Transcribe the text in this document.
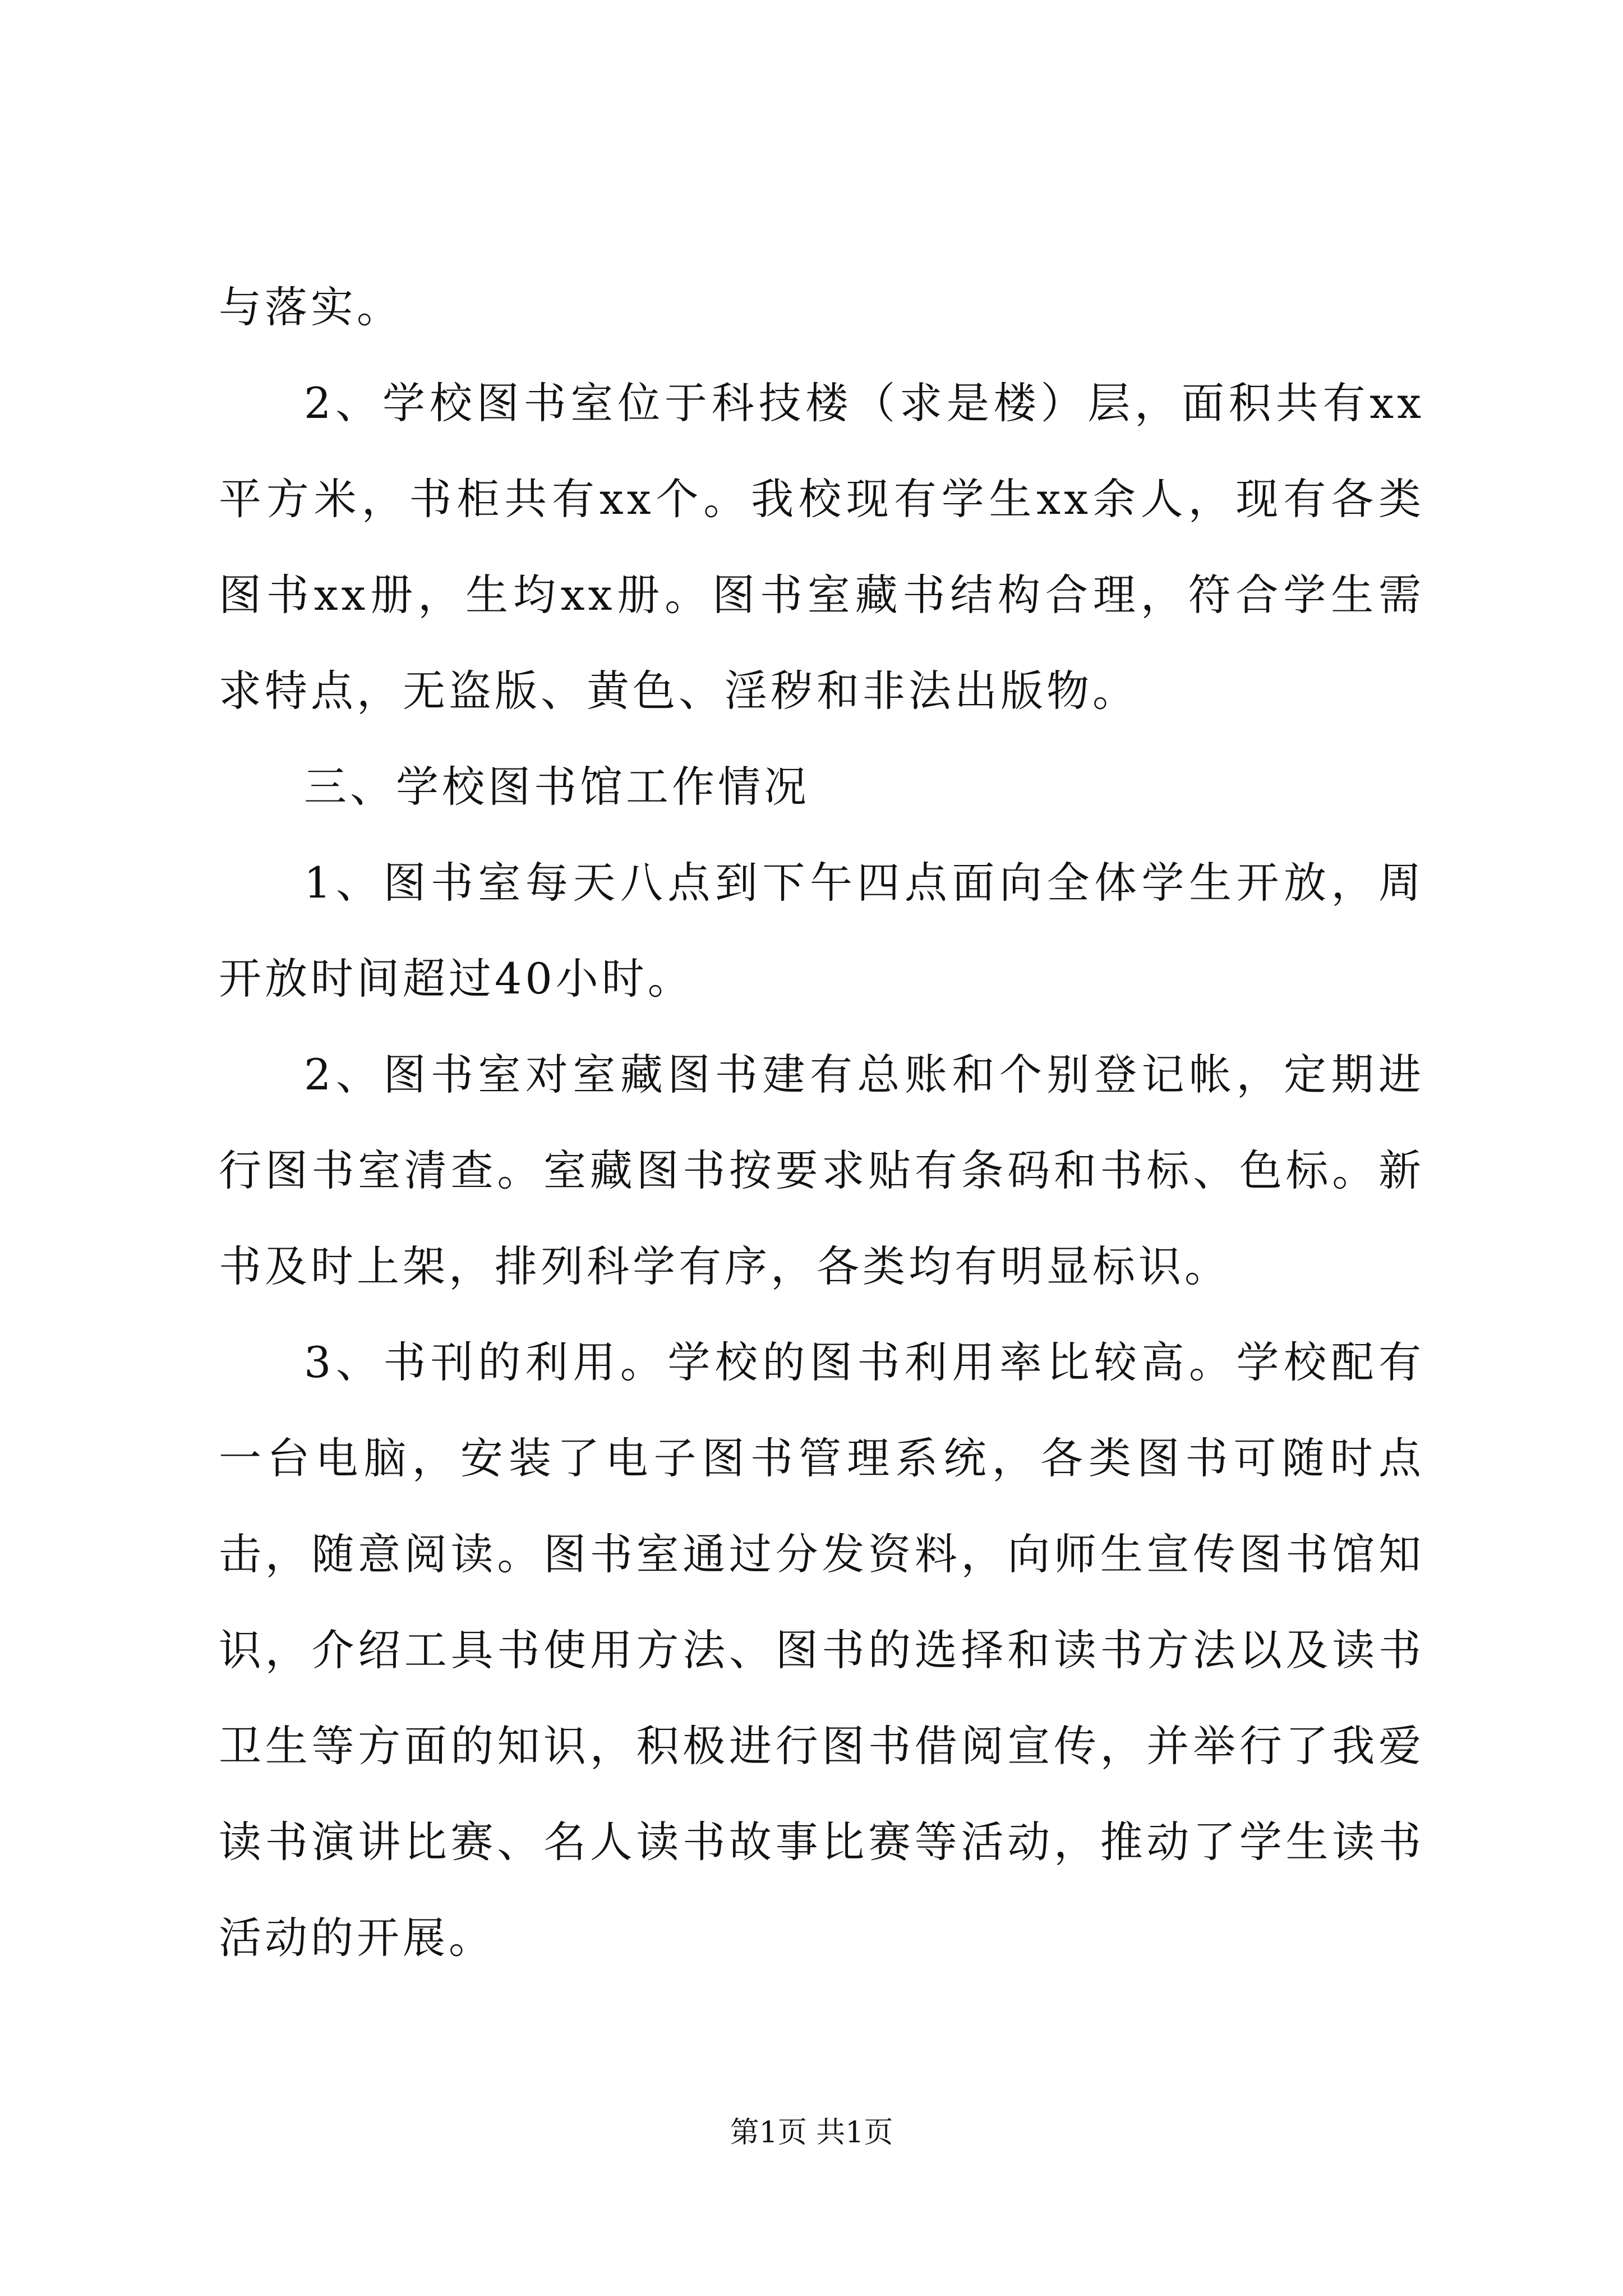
与落实。

2、学校图书室位于科技楼（求是楼）层，面积共有xx平方米，书柜共有xx个。我校现有学生xx余人，现有各类图书xx册，生均xx册。图书室藏书结构合理，符合学生需求特点，无盗版、黄色、淫秽和非法出版物。

三、学校图书馆工作情况

1、图书室每天八点到下午四点面向全体学生开放，周开放时间超过40小时。

2、图书室对室藏图书建有总账和个别登记帐，定期进行图书室清查。室藏图书按要求贴有条码和书标、色标。新书及时上架，排列科学有序，各类均有明显标识。

3、书刊的利用。学校的图书利用率比较高。学校配有一台电脑，安装了电子图书管理系统，各类图书可随时点击，随意阅读。图书室通过分发资料，向师生宣传图书馆知识，介绍工具书使用方法、图书的选择和读书方法以及读书卫生等方面的知识，积极进行图书借阅宣传，并举行了我爱读书演讲比赛、名人读书故事比赛等活动，推动了学生读书活动的开展。

第1页 共1页
